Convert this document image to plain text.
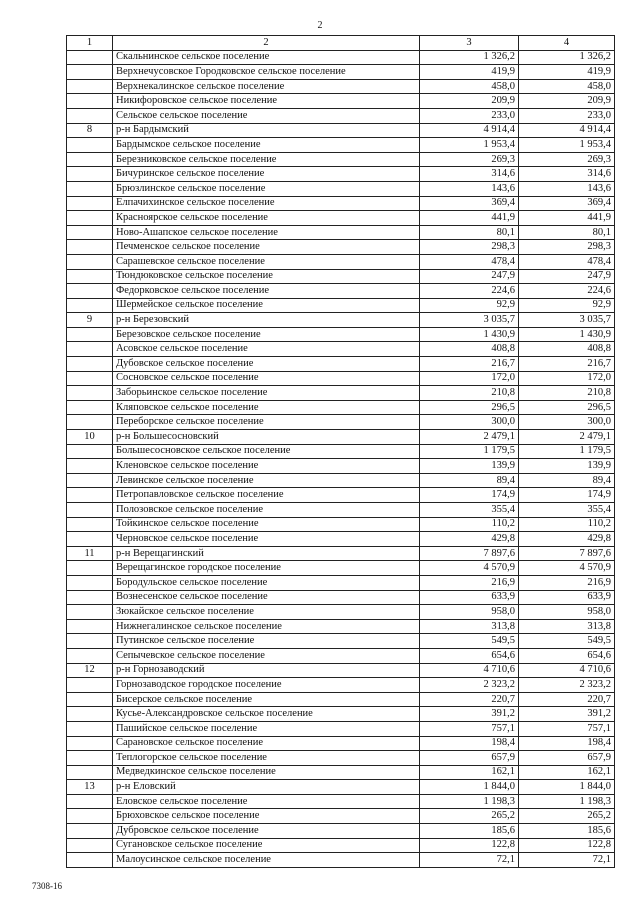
2
1	2	3	4
	Скальнинское сельское поселение	1 326,2	1 326,2
	Верхнечусовское Городковское сельское поселение	419,9	419,9
	Верхнекалинское сельское поселение	458,0	458,0
	Никифоровское сельское поселение	209,9	209,9
	Сельское сельское поселение	233,0	233,0
8	р-н Бардымский	4 914,4	4 914,4
	Бардымское сельское поселение	1 953,4	1 953,4
	Березниковское сельское поселение	269,3	269,3
	Бичуринское сельское поселение	314,6	314,6
	Брюзлинское сельское поселение	143,6	143,6
	Елпачихинское сельское поселение	369,4	369,4
	Красноярское сельское поселение	441,9	441,9
	Ново-Ашапское сельское поселение	80,1	80,1
	Печменское сельское поселение	298,3	298,3
	Сарашевское сельское поселение	478,4	478,4
	Тюндюковское сельское поселение	247,9	247,9
	Федорковское сельское поселение	224,6	224,6
	Шермейское сельское поселение	92,9	92,9
9	р-н Березовский	3 035,7	3 035,7
	Березовское сельское поселение	1 430,9	1 430,9
	Асовское сельское поселение	408,8	408,8
	Дубовское сельское поселение	216,7	216,7
	Сосновское сельское поселение	172,0	172,0
	Заборьинское сельское поселение	210,8	210,8
	Кляповское сельское поселение	296,5	296,5
	Переборское сельское поселение	300,0	300,0
10	р-н Большесосновский	2 479,1	2 479,1
	Большесосновское сельское поселение	1 179,5	1 179,5
	Кленовское сельское поселение	139,9	139,9
	Левинское сельское поселение	89,4	89,4
	Петропавловское сельское поселение	174,9	174,9
	Полозовское сельское поселение	355,4	355,4
	Тойкинское сельское поселение	110,2	110,2
	Черновское сельское поселение	429,8	429,8
11	р-н Верещагинский	7 897,6	7 897,6
	Верещагинское городское поселение	4 570,9	4 570,9
	Бородульское сельское поселение	216,9	216,9
	Вознесенское сельское поселение	633,9	633,9
	Зюкайское сельское поселение	958,0	958,0
	Нижнегалинское сельское поселение	313,8	313,8
	Путинское сельское поселение	549,5	549,5
	Сепычевское сельское поселение	654,6	654,6
12	р-н Горнозаводский	4 710,6	4 710,6
	Горнозаводское городское поселение	2 323,2	2 323,2
	Бисерское сельское поселение	220,7	220,7
	Кусье-Александровское сельское поселение	391,2	391,2
	Пашийское сельское поселение	757,1	757,1
	Сарановское сельское поселение	198,4	198,4
	Теплогорское сельское поселение	657,9	657,9
	Медведкинское сельское поселение	162,1	162,1
13	р-н Еловский	1 844,0	1 844,0
	Еловское сельское поселение	1 198,3	1 198,3
	Брюховское сельское поселение	265,2	265,2
	Дубровское сельское поселение	185,6	185,6
	Сугановское сельское поселение	122,8	122,8
	Малоусинское сельское поселение	72,1	72,1
7308-16
